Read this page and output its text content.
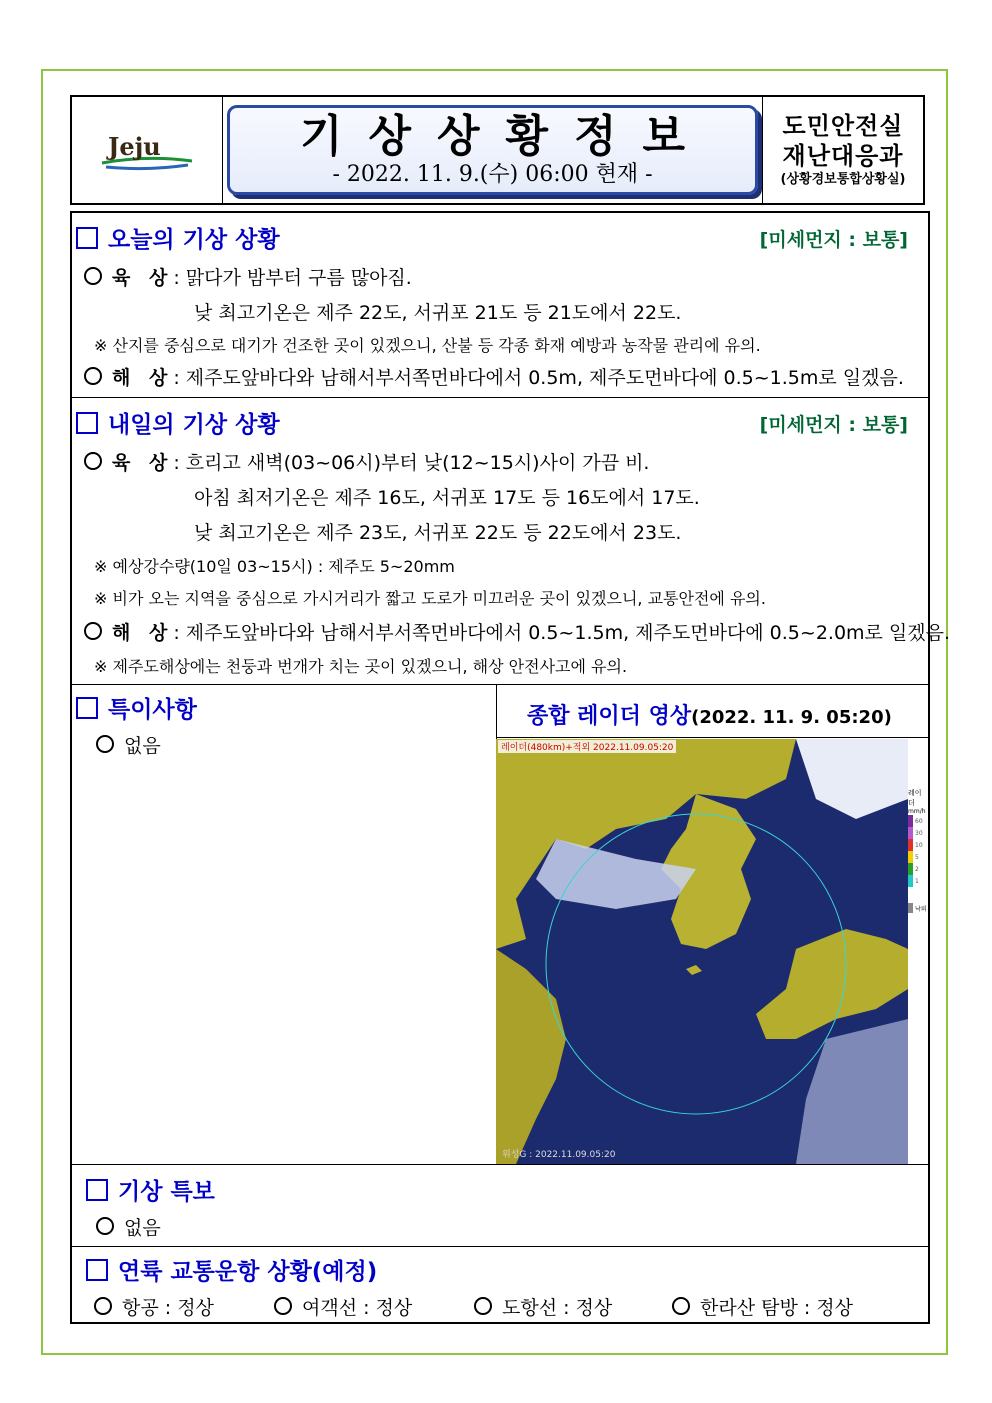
Jeju	기상상황정보
- 2022. 11. 9.(수) 06:00 현재 -
도민안전실
재난대응과
(상황경보통합상황실)
오늘의 기상 상황	[미세먼지 : 보통]
육 상: 맑다가 밤부터 구름 많아짐.
낮 최고기온은 제주 22도, 서귀포 21도 등 21도에서 22도.
※ 산지를 중심으로 대기가 건조한 곳이 있겠으니, 산불 등 각종 화재 예방과 농작물 관리에 유의.
해 상: 제주도앞바다와 남해서부서쪽먼바다에서 0.5m, 제주도먼바다에 0.5~1.5m로 일겠음.
내일의 기상 상황	[미세먼지 : 보통]
육 상: 흐리고 새벽(03~06시)부터 낮(12~15시)사이 가끔 비.
아침 최저기온은 제주 16도, 서귀포 17도 등 16도에서 17도.
낮 최고기온은 제주 23도, 서귀포 22도 등 22도에서 23도.
※ 예상강수량(10일 03~15시) : 제주도 5~20mm
※ 비가 오는 지역을 중심으로 가시거리가 짧고 도로가 미끄러운 곳이 있겠으니, 교통안전에 유의.
해 상: 제주도앞바다와 남해서부서쪽먼바다에서 0.5~1.5m, 제주도먼바다에 0.5~2.0m로 일겠음.
※ 제주도해상에는 천둥과 번개가 치는 곳이 있겠으니, 해상 안전사고에 유의.
특이사항
없음
종합 레이더 영상(2022. 11. 9. 05:20)
레이더(480km)+적외 2022.11.09.05:20
위성G : 2022.11.09.05:20
레이더
mm/h
60
30
10
5
2
1
낙뢰
기상 특보
없음
연륙 교통운항 상황(예정)
항공 : 정상	여객선 : 정상	도항선 : 정상	한라산 탐방 : 정상
